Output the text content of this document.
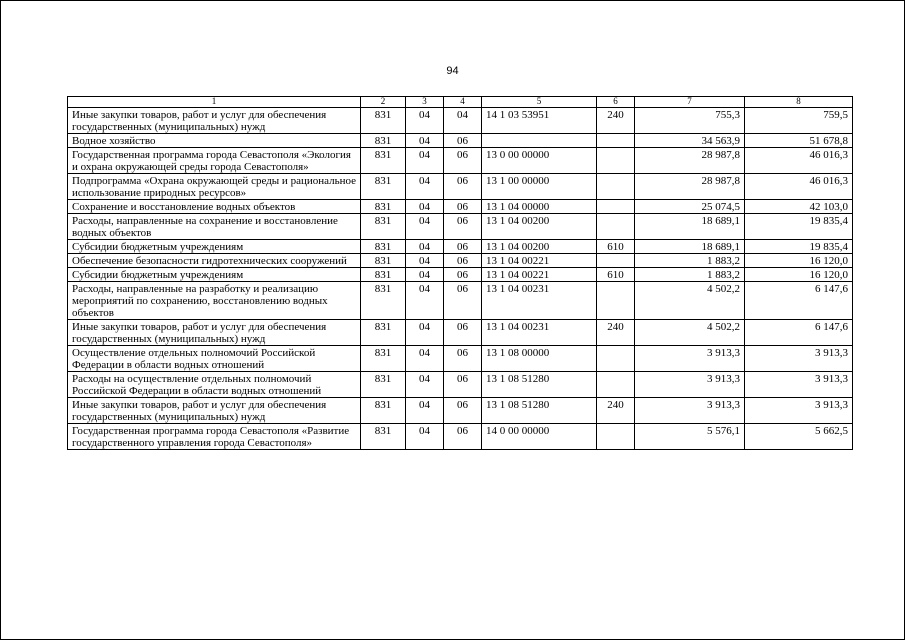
94
1	2	3	4	5	6	7	8
Иные закупки товаров, работ и услуг для обеспечения государственных (муниципальных) нужд	831	04	04	14 1 03 53951	240	755,3	759,5
Водное хозяйство	831	04	06			34 563,9	51 678,8
Государственная программа города Севастополя «Экология и охрана окружающей среды города Севастополя»	831	04	06	13 0 00 00000		28 987,8	46 016,3
Подпрограмма «Охрана окружающей среды и рациональное использование природных ресурсов»	831	04	06	13 1 00 00000		28 987,8	46 016,3
Сохранение и восстановление водных объектов	831	04	06	13 1 04 00000		25 074,5	42 103,0
Расходы, направленные на сохранение и восстановление водных объектов	831	04	06	13 1 04 00200		18 689,1	19 835,4
Субсидии бюджетным учреждениям	831	04	06	13 1 04 00200	610	18 689,1	19 835,4
Обеспечение безопасности гидротехнических сооружений	831	04	06	13 1 04 00221		1 883,2	16 120,0
Субсидии бюджетным учреждениям	831	04	06	13 1 04 00221	610	1 883,2	16 120,0
Расходы, направленные на разработку и реализацию мероприятий по сохранению, восстановлению водных объектов	831	04	06	13 1 04 00231		4 502,2	6 147,6
Иные закупки товаров, работ и услуг для обеспечения государственных (муниципальных) нужд	831	04	06	13 1 04 00231	240	4 502,2	6 147,6
Осуществление отдельных полномочий Российской Федерации в области водных отношений	831	04	06	13 1 08 00000		3 913,3	3 913,3
Расходы на осуществление отдельных полномочий Российской Федерации в области водных отношений	831	04	06	13 1 08 51280		3 913,3	3 913,3
Иные закупки товаров, работ и услуг для обеспечения государственных (муниципальных) нужд	831	04	06	13 1 08 51280	240	3 913,3	3 913,3
Государственная программа города Севастополя «Развитие государственного управления города Севастополя»	831	04	06	14 0 00 00000		5 576,1	5 662,5
